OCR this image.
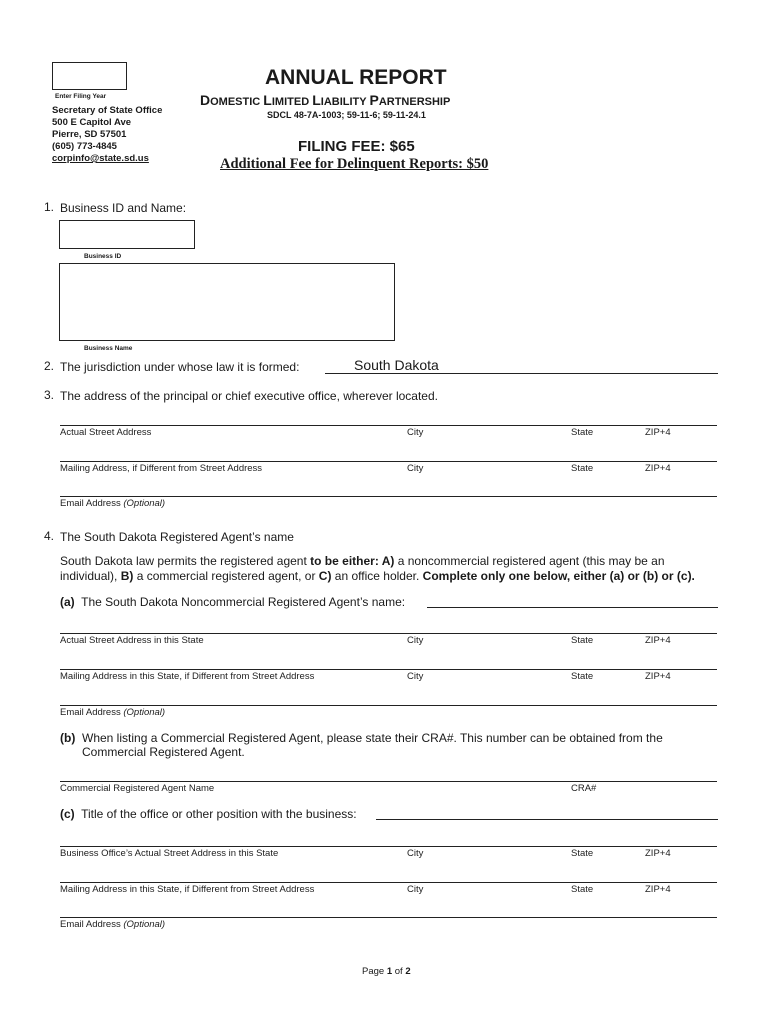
Enter Filing Year
Secretary of State Office
500 E Capitol Ave
Pierre, SD 57501
(605) 773-4845
corpinfo@state.sd.us
ANNUAL REPORT
DOMESTIC LIMITED LIABILITY PARTNERSHIP
SDCL 48-7A-1003; 59-11-6; 59-11-24.1
FILING FEE: $65
Additional Fee for Delinquent Reports: $50
1. Business ID and Name:
Business ID
Business Name
2. The jurisdiction under whose law it is formed:	South Dakota
3. The address of the principal or chief executive office, wherever located.
Actual Street Address	City	State	ZIP+4
Mailing Address, if Different from Street Address	City	State	ZIP+4
Email Address (Optional)
4. The South Dakota Registered Agent’s name
South Dakota law permits the registered agent to be either: A) a noncommercial registered agent (this may be an
individual), B) a commercial registered agent, or C) an office holder. Complete only one below, either (a) or (b) or (c).
(a) The South Dakota Noncommercial Registered Agent’s name:
Actual Street Address in this State	City	State	ZIP+4
Mailing Address in this State, if Different from Street Address	City	State	ZIP+4
Email Address (Optional)
(b) When listing a Commercial Registered Agent, please state their CRA#. This number can be obtained from the
Commercial Registered Agent.
Commercial Registered Agent Name	CRA#
(c) Title of the office or other position with the business:
Business Office’s Actual Street Address in this State	City	State	ZIP+4
Mailing Address in this State, if Different from Street Address	City	State	ZIP+4
Email Address (Optional)
Page 1 of 2
